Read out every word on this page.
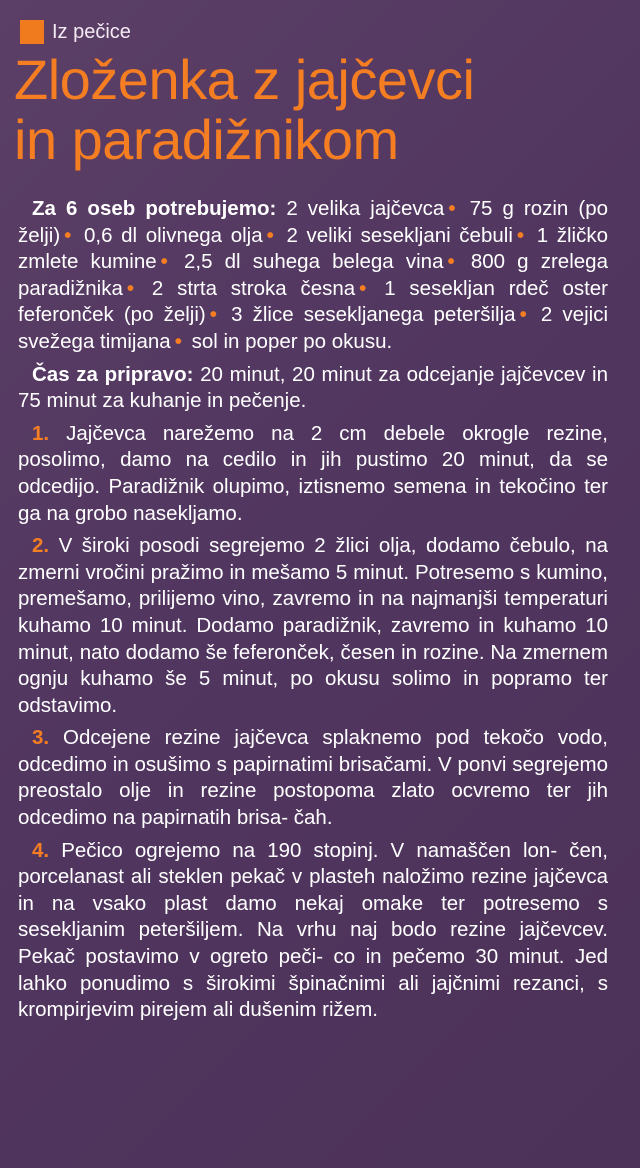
Iz pečice
Zloženka z jajčevci
in paradižnikom

Za 6 oseb potrebujemo: 2 velika jajčevca • 75 g rozin (po želji) • 0,6 dl olivnega olja • 2 veliki sesekljani čebuli • 1 žličko zmlete kumine • 2,5 dl suhega belega vina • 800 g zrelega paradižnika • 2 strta stroka česna • 1 sesekljan rdeč oster feferonček (po želji) • 3 žlice sesekljanega peteršilja • 2 vejici svežega timijana • sol in poper po okusu.

Čas za pripravo: 20 minut, 20 minut za odcejanje jajčevcev in 75 minut za kuhanje in pečenje.

1. Jajčevca narežemo na 2 cm debele okrogle rezine, posolimo, damo na cedilo in jih pustimo 20 minut, da se odcedijo. Paradižnik olupimo, iztisnemo semena in tekočino ter ga na grobo nasekljamo.

2. V široki posodi segrejemo 2 žlici olja, dodamo čebulo, na zmerni vročini pražimo in mešamo 5 minut. Potresemo s kumino, premešamo, prilijemo vino, zavremo in na najmanjši temperaturi kuhamo 10 minut. Dodamo paradižnik, zavremo in kuhamo 10 minut, nato dodamo še feferonček, česen in rozine. Na zmernem ognju kuhamo še 5 minut, po okusu solimo in popramo ter odstavimo.

3. Odcejene rezine jajčevca splaknemo pod tekočo vodo, odcedimo in osušimo s papirnatimi brisačami. V ponvi segrejemo preostalo olje in rezine postopoma zlato ocvremo ter jih odcedimo na papirnatih brisa- čah.

4. Pečico ogrejemo na 190 stopinj. V namaščen lon- čen, porcelanast ali steklen pekač v plasteh naložimo rezine jajčevca in na vsako plast damo nekaj omake ter potresemo s sesekljanim peteršiljem. Na vrhu naj bodo rezine jajčevcev. Pekač postavimo v ogreto peči- co in pečemo 30 minut. Jed lahko ponudimo s širokimi špinačnimi ali jajčnimi rezanci, s krompirjevim pirejem ali dušenim rižem.
